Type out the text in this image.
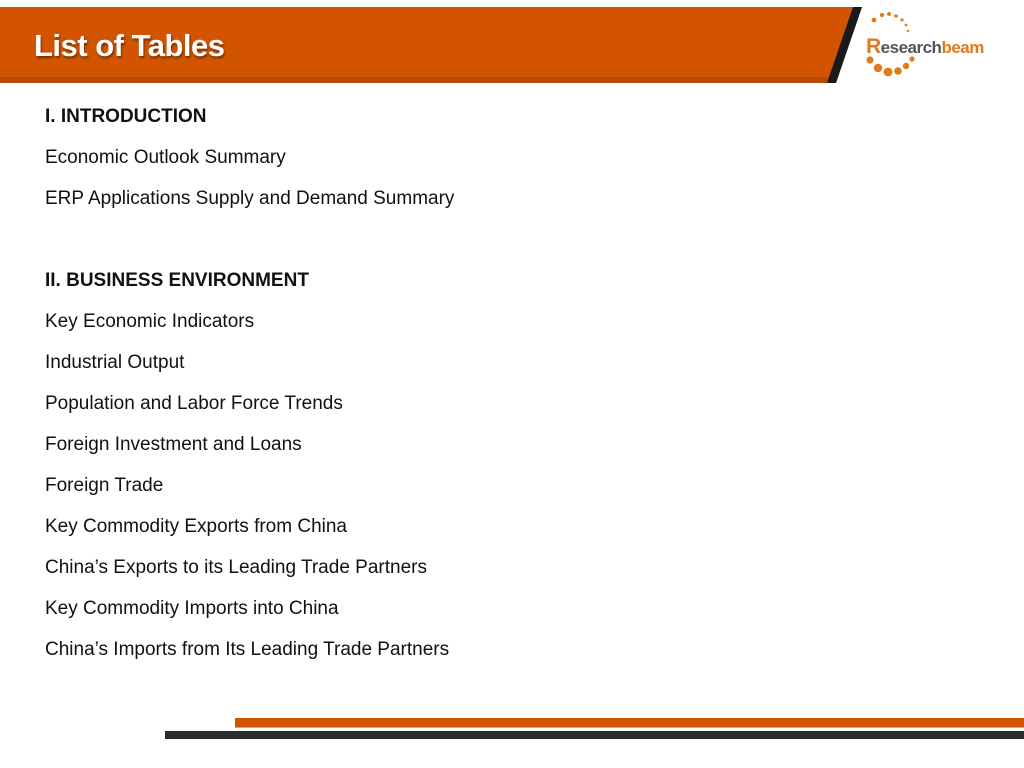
List of Tables	Researchbeam
I. INTRODUCTION
Economic Outlook Summary
ERP Applications Supply and Demand Summary
II. BUSINESS ENVIRONMENT
Key Economic Indicators
Industrial Output
Population and Labor Force Trends
Foreign Investment and Loans
Foreign Trade
Key Commodity Exports from China
China’s Exports to its Leading Trade Partners
Key Commodity Imports into China
China’s Imports from Its Leading Trade Partners
